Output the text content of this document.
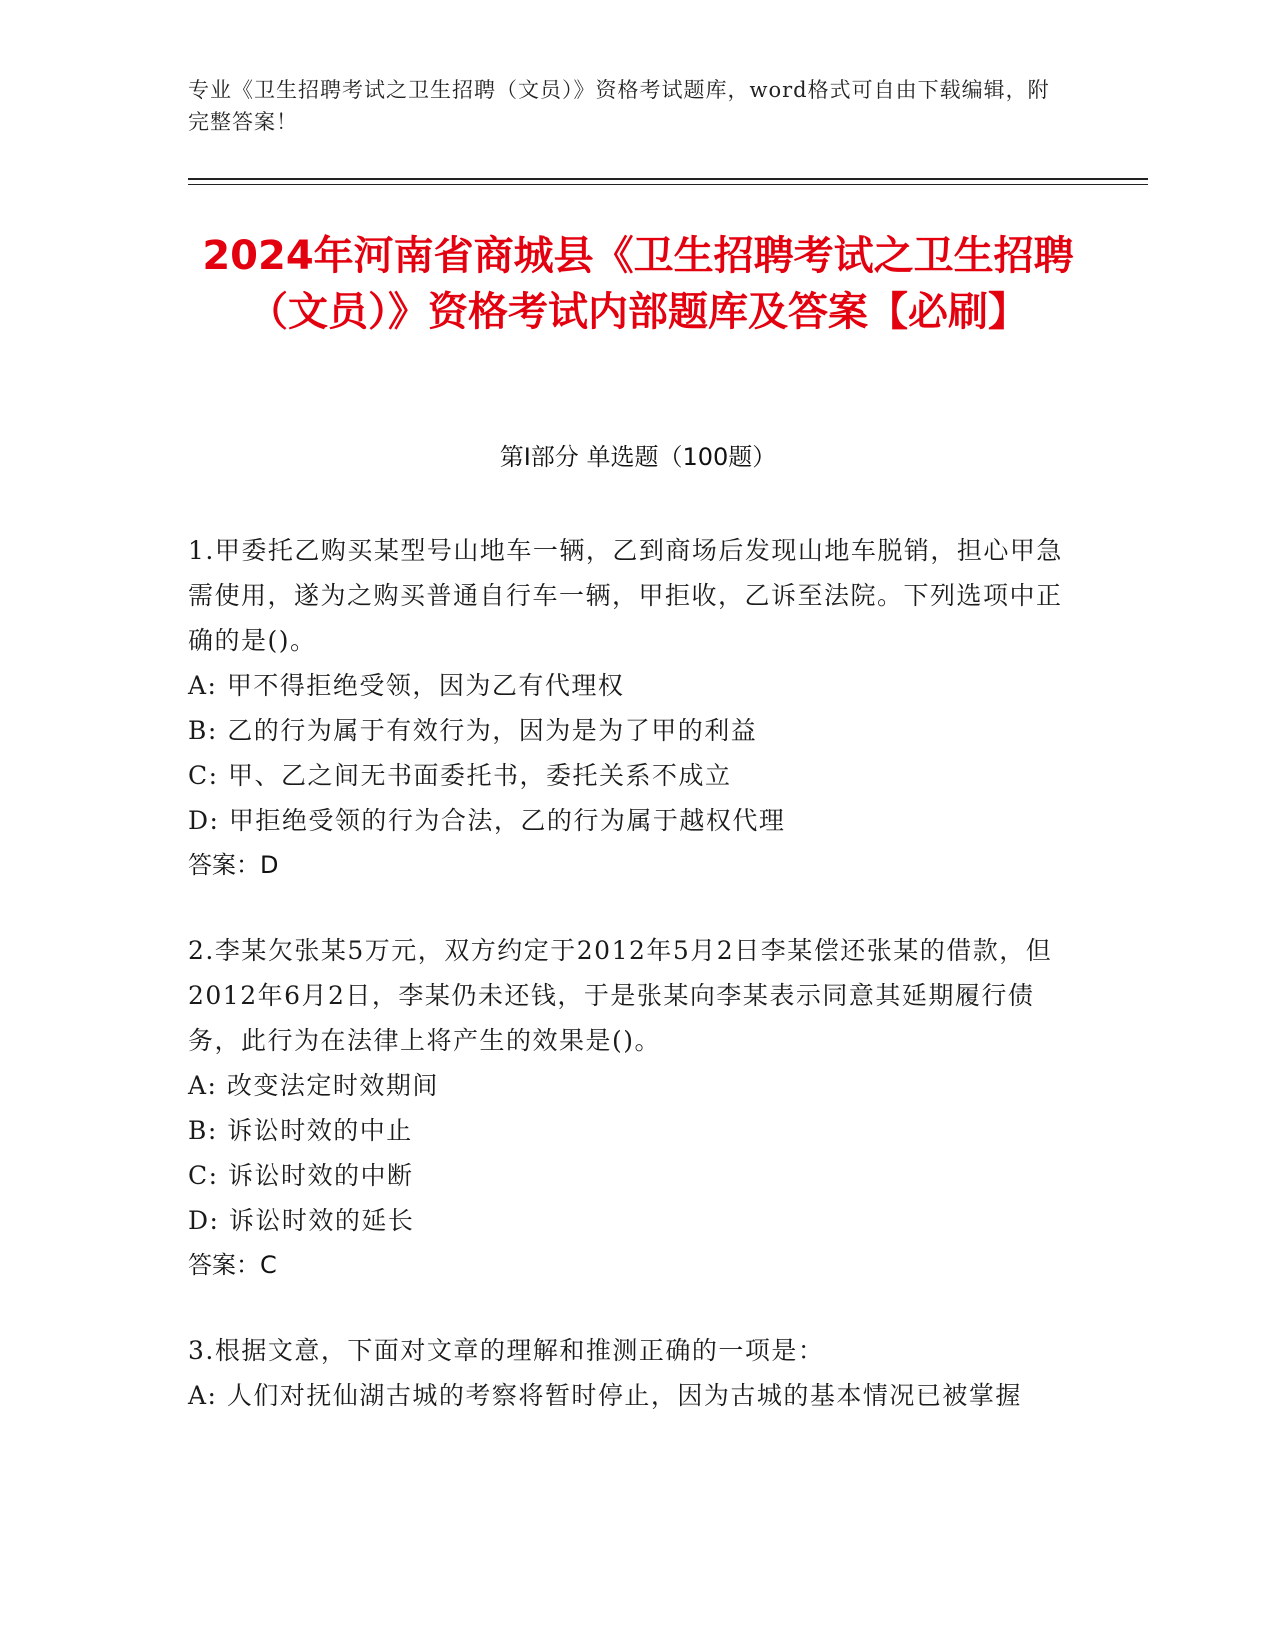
专业《卫生招聘考试之卫生招聘（文员）》资格考试题库，word格式可自由下载编辑，附完整答案！
2024年河南省商城县《卫生招聘考试之卫生招聘（文员）》资格考试内部题库及答案【必刷】
第Ⅰ部分 单选题（100题）

1.甲委托乙购买某型号山地车一辆，乙到商场后发现山地车脱销，担心甲急需使用，遂为之购买普通自行车一辆，甲拒收，乙诉至法院。下列选项中正确的是()。

A: 甲不得拒绝受领，因为乙有代理权

B: 乙的行为属于有效行为，因为是为了甲的利益

C: 甲、乙之间无书面委托书，委托关系不成立

D: 甲拒绝受领的行为合法，乙的行为属于越权代理

答案：D

2.李某欠张某5万元，双方约定于2012年5月2日李某偿还张某的借款，但2012年6月2日，李某仍未还钱，于是张某向李某表示同意其延期履行债务，此行为在法律上将产生的效果是()。

A: 改变法定时效期间

B: 诉讼时效的中止

C: 诉讼时效的中断

D: 诉讼时效的延长

答案：C

3.根据文意，下面对文章的理解和推测正确的一项是：

A: 人们对抚仙湖古城的考察将暂时停止，因为古城的基本情况已被掌握
